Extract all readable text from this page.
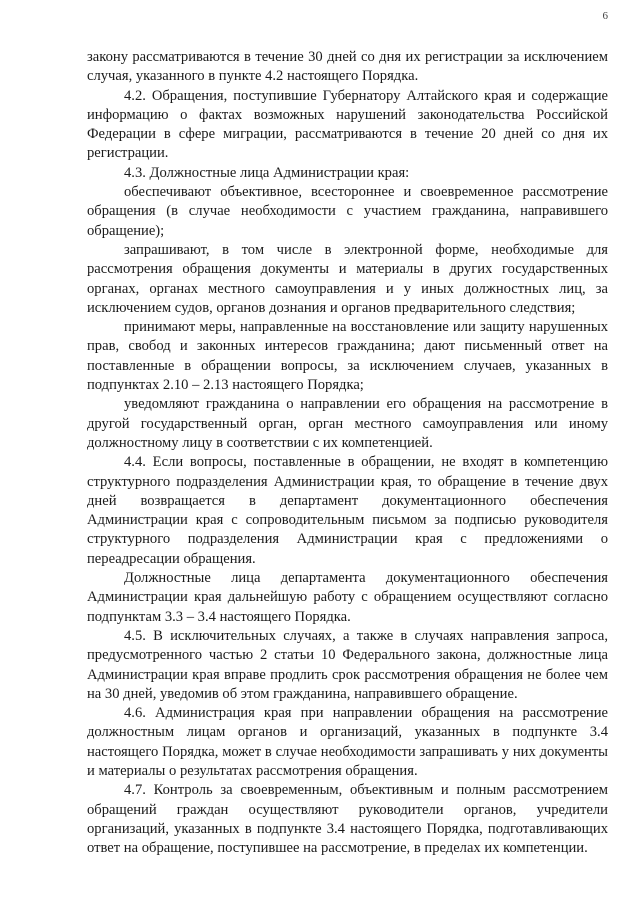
6

закону рассматриваются в течение 30 дней со дня их регистрации за исключением случая, указанного в пункте 4.2 настоящего Порядка.

4.2. Обращения, поступившие Губернатору Алтайского края и содержащие информацию о фактах возможных нарушений законодательства Российской Федерации в сфере миграции, рассматриваются в течение 20 дней со дня их регистрации.

4.3. Должностные лица Администрации края:

обеспечивают объективное, всестороннее и своевременное рассмотрение обращения (в случае необходимости с участием гражданина, направившего обращение);

запрашивают, в том числе в электронной форме, необходимые для рассмотрения обращения документы и материалы в других государственных органах, органах местного самоуправления и у иных должностных лиц, за исключением судов, органов дознания и органов предварительного следствия;

принимают меры, направленные на восстановление или защиту нарушенных прав, свобод и законных интересов гражданина; дают письменный ответ на поставленные в обращении вопросы, за исключением случаев, указанных в подпунктах 2.10 – 2.13 настоящего Порядка;

уведомляют гражданина о направлении его обращения на рассмотрение в другой государственный орган, орган местного самоуправления или иному должностному лицу в соответствии с их компетенцией.

4.4. Если вопросы, поставленные в обращении, не входят в компетенцию структурного подразделения Администрации края, то обращение в течение двух дней возвращается в департамент документационного обеспечения Администрации края с сопроводительным письмом за подписью руководителя структурного подразделения Администрации края с предложениями о переадресации обращения.

Должностные лица департамента документационного обеспечения Администрации края дальнейшую работу с обращением осуществляют согласно подпунктам 3.3 – 3.4 настоящего Порядка.

4.5. В исключительных случаях, а также в случаях направления запроса, предусмотренного частью 2 статьи 10 Федерального закона, должностные лица Администрации края вправе продлить срок рассмотрения обращения не более чем на 30 дней, уведомив об этом гражданина, направившего обращение.

4.6. Администрация края при направлении обращения на рассмотрение должностным лицам органов и организаций, указанных в подпункте 3.4 настоящего Порядка, может в случае необходимости запрашивать у них документы и материалы о результатах рассмотрения обращения.

4.7. Контроль за своевременным, объективным и полным рассмотрением обращений граждан осуществляют руководители органов, учредители организаций, указанных в подпункте 3.4 настоящего Порядка, подготавливающих ответ на обращение, поступившее на рассмотрение, в пределах их компетенции.
